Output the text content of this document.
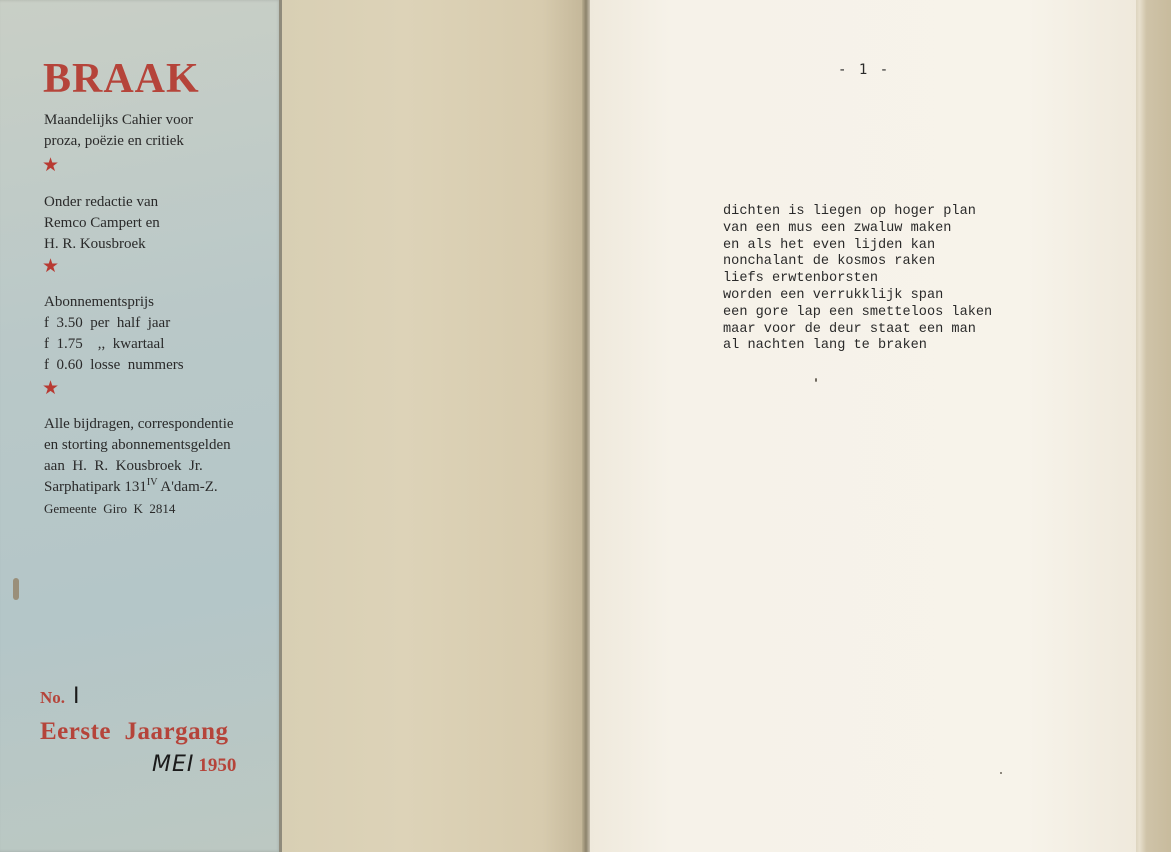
BRAAK
Maandelijks Cahier voor
proza, poëzie en critiek
★
Onder redactie van
Remco Campert en
H. R. Kousbroek
★
Abonnementsprijs
f  3.50  per  half  jaar
f  1.75    ,,  kwartaal
f  0.60  losse  nummers
★
Alle bijdragen, correspondentie
en storting abonnementsgelden
aan  H.  R.  Kousbroek  Jr.
Sarphatipark $131^{IV}$ A'dam-Z.
Gemeente  Giro  K  2814
No. I
Eerste  Jaargang
MEI 1950
- 1 -
dichten is liegen op hoger plan
van een mus een zwaluw maken
en als het even lijden kan
nonchalant de kosmos raken
liefs erwtenborsten
worden een verrukklijk span
een gore lap een smetteloos laken
maar voor de deur staat een man
al nachten lang te braken
